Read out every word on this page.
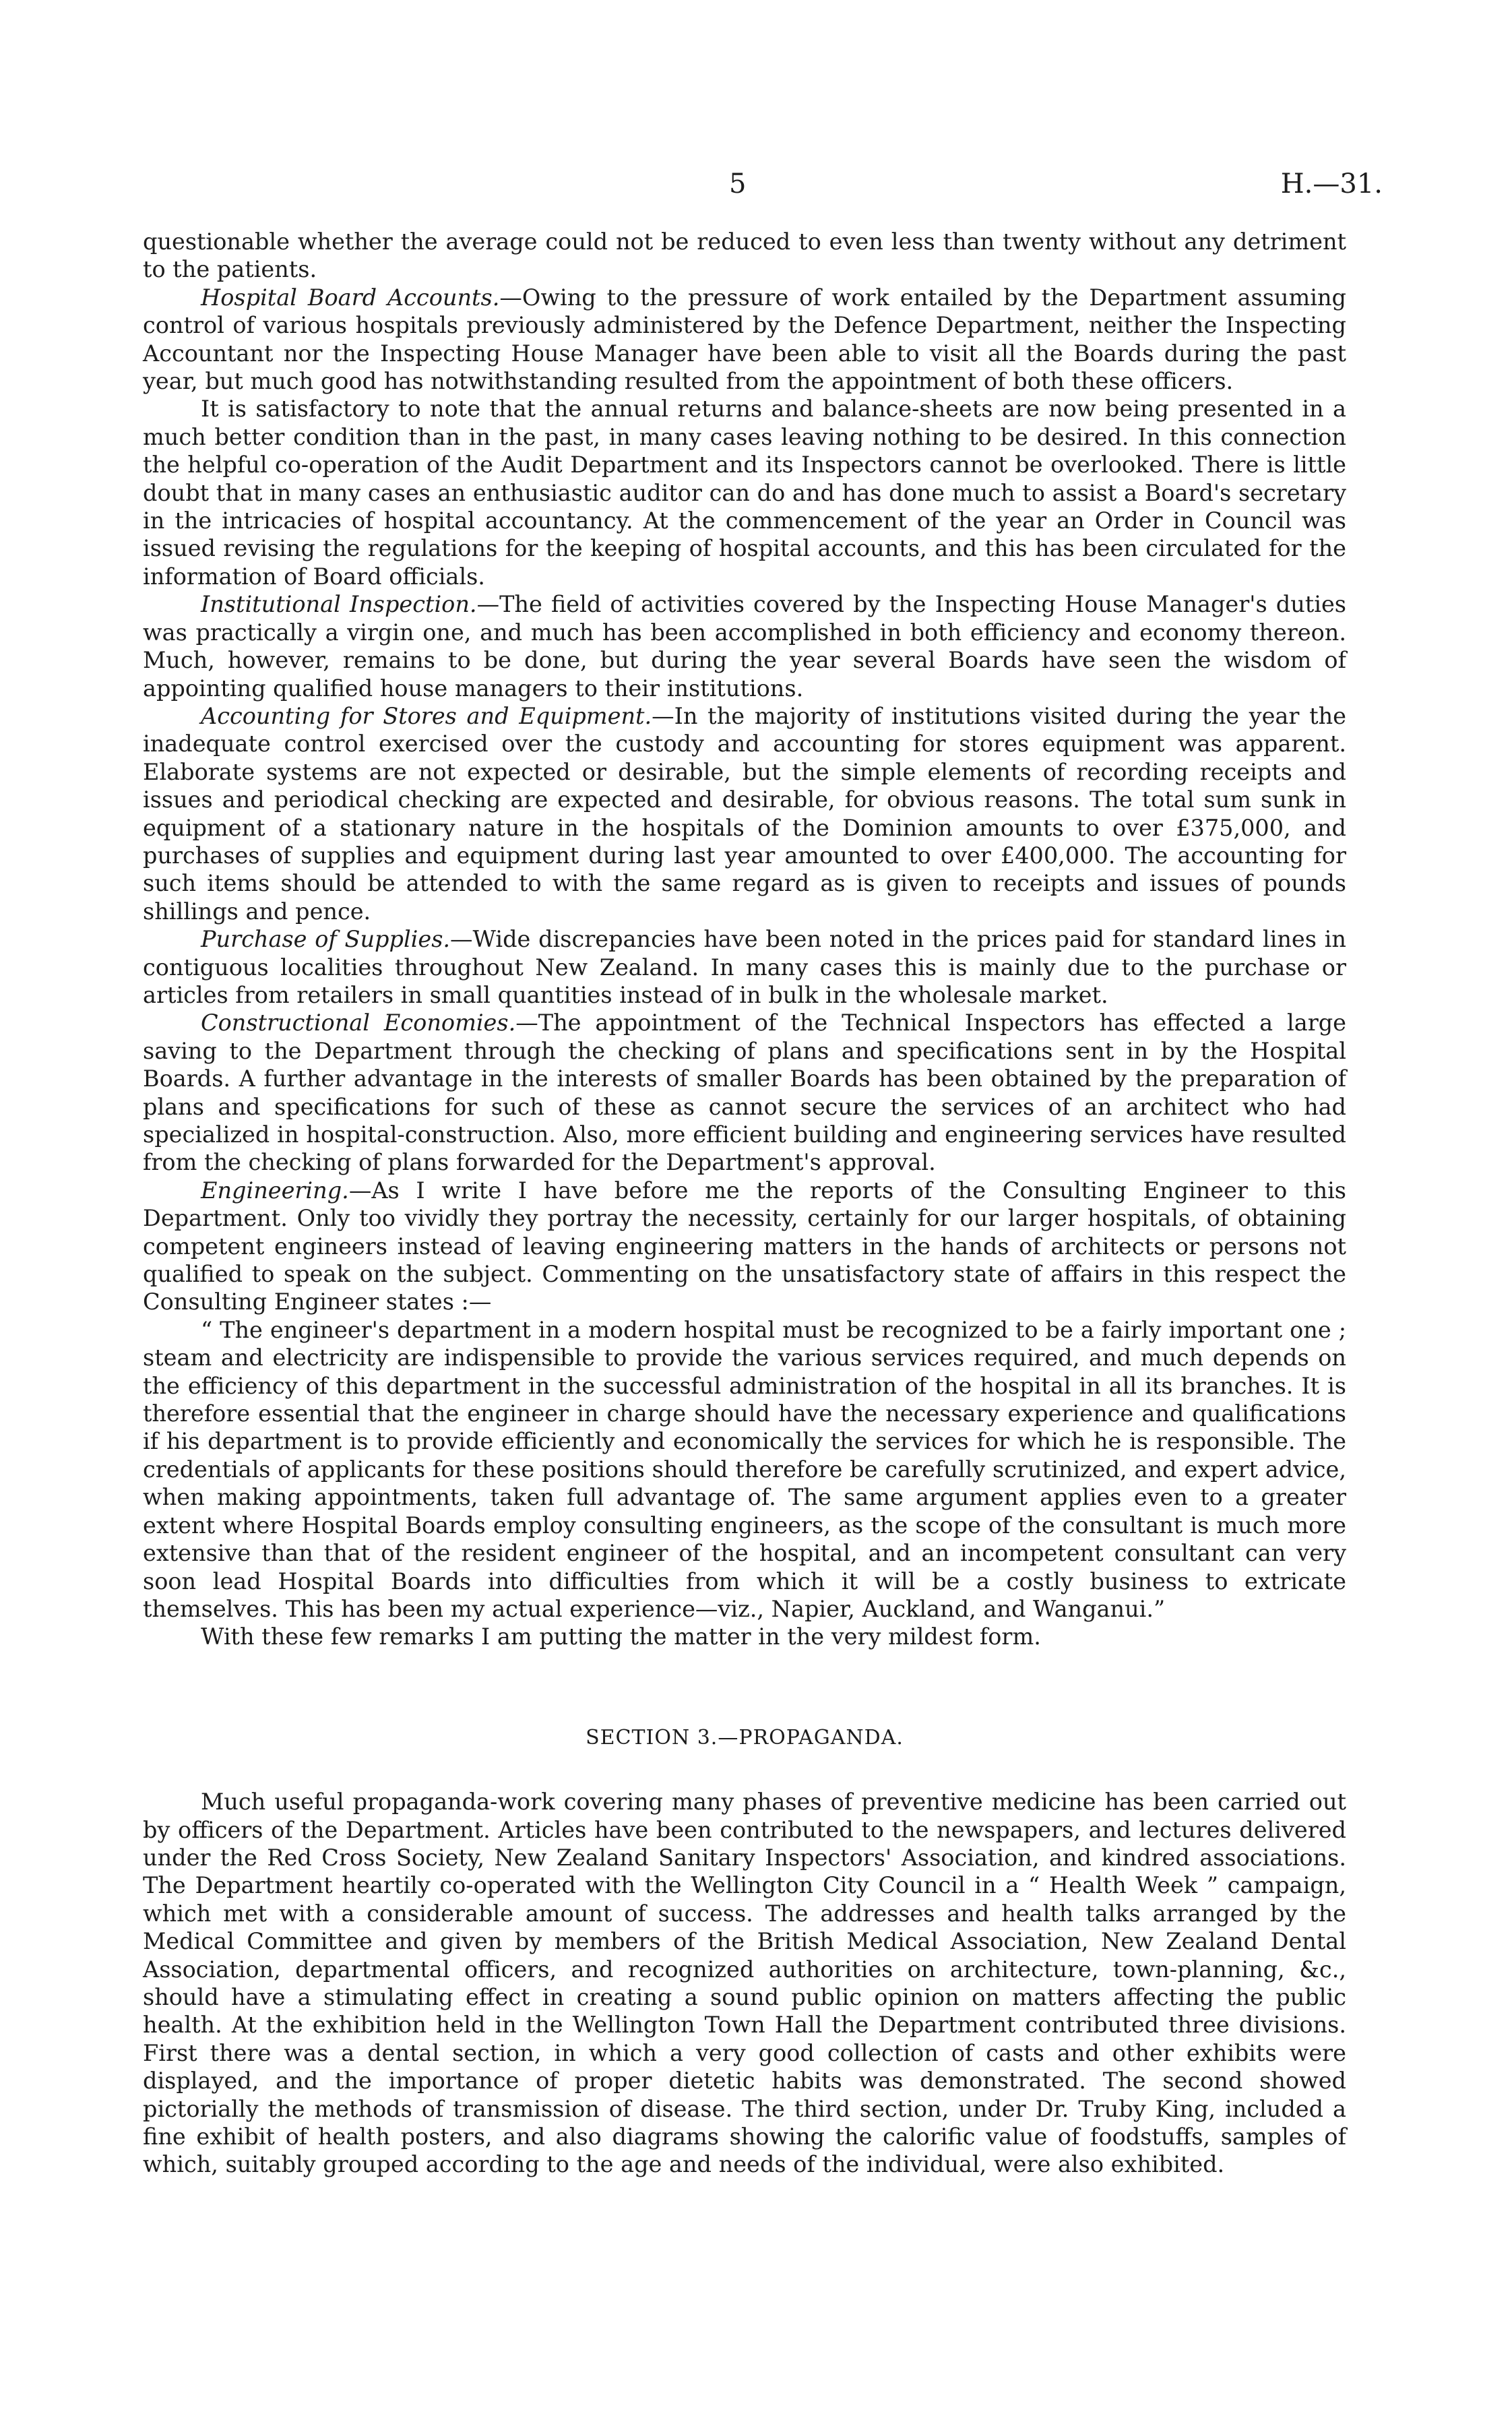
5	H.—31.

questionable whether the average could not be reduced to even less than twenty without any detriment to the patients.

Hospital Board Accounts.—Owing to the pressure of work entailed by the Department assuming control of various hospitals previously administered by the Defence Department, neither the Inspecting Accountant nor the Inspecting House Manager have been able to visit all the Boards during the past year, but much good has notwithstanding resulted from the appointment of both these officers.

It is satisfactory to note that the annual returns and balance-sheets are now being presented in a much better condition than in the past, in many cases leaving nothing to be desired. In this connection the helpful co-operation of the Audit Department and its Inspectors cannot be overlooked. There is little doubt that in many cases an enthusiastic auditor can do and has done much to assist a Board's secretary in the intricacies of hospital accountancy. At the commencement of the year an Order in Council was issued revising the regulations for the keeping of hospital accounts, and this has been circulated for the information of Board officials.

Institutional Inspection.—The field of activities covered by the Inspecting House Manager's duties was practically a virgin one, and much has been accomplished in both efficiency and economy thereon. Much, however, remains to be done, but during the year several Boards have seen the wisdom of appointing qualified house managers to their institutions.

Accounting for Stores and Equipment.—In the majority of institutions visited during the year the inadequate control exercised over the custody and accounting for stores equipment was apparent. Elaborate systems are not expected or desirable, but the simple elements of recording receipts and issues and periodical checking are expected and desirable, for obvious reasons. The total sum sunk in equipment of a stationary nature in the hospitals of the Dominion amounts to over £375,000, and purchases of supplies and equipment during last year amounted to over £400,000. The accounting for such items should be attended to with the same regard as is given to receipts and issues of pounds shillings and pence.

Purchase of Supplies.—Wide discrepancies have been noted in the prices paid for standard lines in contiguous localities throughout New Zealand. In many cases this is mainly due to the purchase or articles from retailers in small quantities instead of in bulk in the wholesale market.

Constructional Economies.—The appointment of the Technical Inspectors has effected a large saving to the Department through the checking of plans and specifications sent in by the Hospital Boards. A further advantage in the interests of smaller Boards has been obtained by the preparation of plans and specifications for such of these as cannot secure the services of an architect who had specialized in hospital-construction. Also, more efficient building and engineering services have resulted from the checking of plans forwarded for the Department's approval.

Engineering.—As I write I have before me the reports of the Consulting Engineer to this Department. Only too vividly they portray the necessity, certainly for our larger hospitals, of obtaining competent engineers instead of leaving engineering matters in the hands of architects or persons not qualified to speak on the subject. Commenting on the unsatisfactory state of affairs in this respect the Consulting Engineer states :—

“ The engineer's department in a modern hospital must be recognized to be a fairly important one ; steam and electricity are indispensible to provide the various services required, and much depends on the efficiency of this department in the successful administration of the hospital in all its branches. It is therefore essential that the engineer in charge should have the necessary experience and qualifications if his department is to provide efficiently and economically the services for which he is responsible. The credentials of applicants for these positions should therefore be carefully scrutinized, and expert advice, when making appointments, taken full advantage of. The same argument applies even to a greater extent where Hospital Boards employ consulting engineers, as the scope of the consultant is much more extensive than that of the resident engineer of the hospital, and an incompetent consultant can very soon lead Hospital Boards into difficulties from which it will be a costly business to extricate themselves. This has been my actual experience—viz., Napier, Auckland, and Wanganui.”

With these few remarks I am putting the matter in the very mildest form.

SECTION 3.—PROPAGANDA.

Much useful propaganda-work covering many phases of preventive medicine has been carried out by officers of the Department. Articles have been contributed to the newspapers, and lectures delivered under the Red Cross Society, New Zealand Sanitary Inspectors' Association, and kindred associations. The Department heartily co-operated with the Wellington City Council in a “ Health Week ” campaign, which met with a considerable amount of success. The addresses and health talks arranged by the Medical Committee and given by members of the British Medical Association, New Zealand Dental Association, departmental officers, and recognized authorities on architecture, town-planning, &c., should have a stimulating effect in creating a sound public opinion on matters affecting the public health. At the exhibition held in the Wellington Town Hall the Department contributed three divisions. First there was a dental section, in which a very good collection of casts and other exhibits were displayed, and the importance of proper dietetic habits was demonstrated. The second showed pictorially the methods of transmission of disease. The third section, under Dr. Truby King, included a fine exhibit of health posters, and also diagrams showing the calorific value of foodstuffs, samples of which, suitably grouped according to the age and needs of the individual, were also exhibited.
